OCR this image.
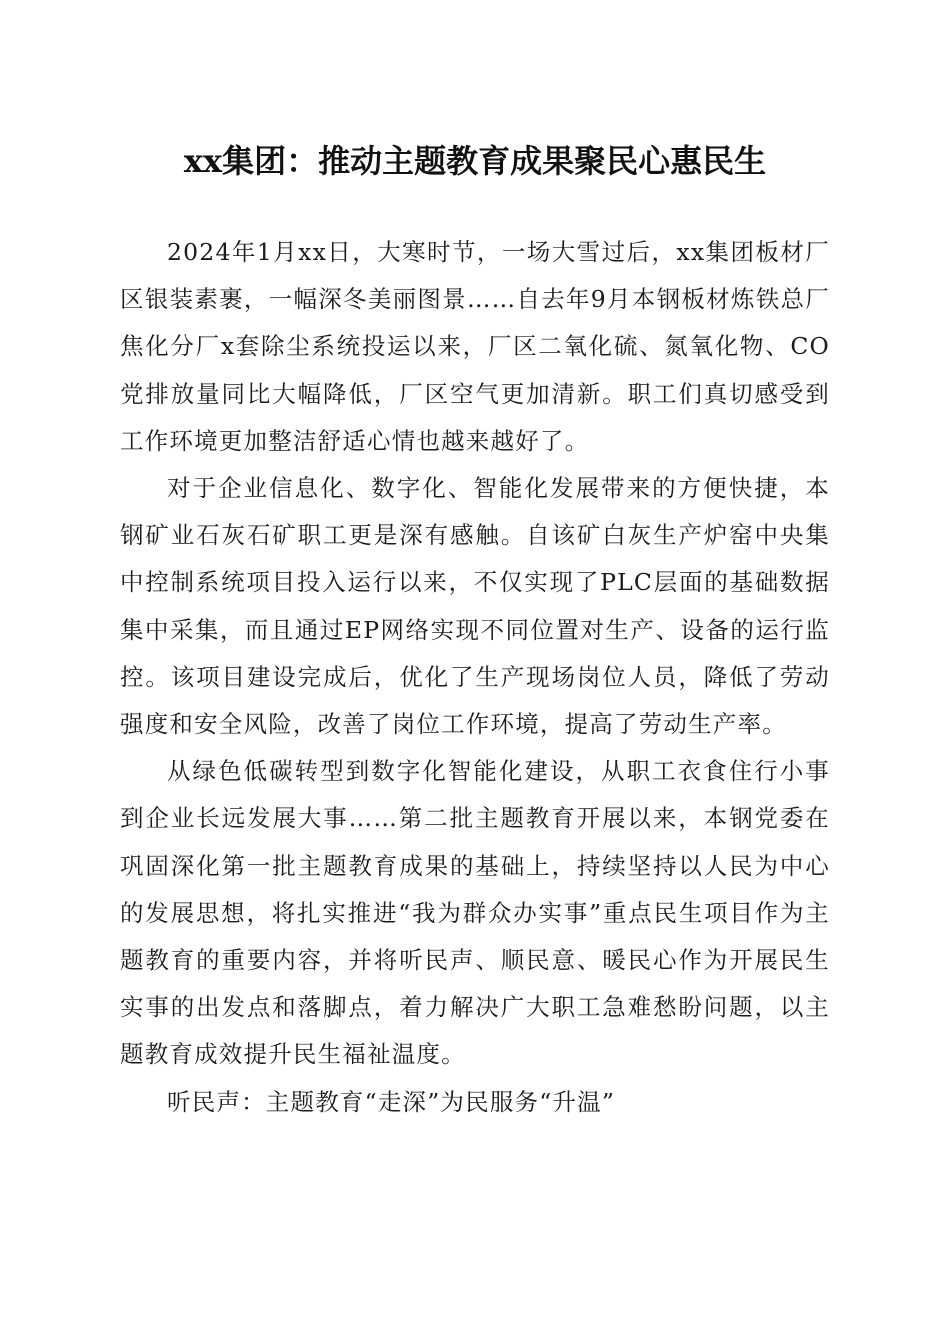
xx集团：推动主题教育成果聚民心惠民生

2024年1月xx日，大寒时节，一场大雪过后，xx集团板材厂区银装素裹，一幅深冬美丽图景……自去年9月本钢板材炼铁总厂焦化分厂x套除尘系统投运以来，厂区二氧化硫、氮氧化物、CO党排放量同比大幅降低，厂区空气更加清新。职工们真切感受到工作环境更加整洁舒适心情也越来越好了。

对于企业信息化、数字化、智能化发展带来的方便快捷，本钢矿业石灰石矿职工更是深有感触。自该矿白灰生产炉窑中央集中控制系统项目投入运行以来，不仅实现了PLC层面的基础数据集中采集，而且通过EP网络实现不同位置对生产、设备的运行监控。该项目建设完成后，优化了生产现场岗位人员，降低了劳动强度和安全风险，改善了岗位工作环境，提高了劳动生产率。

从绿色低碳转型到数字化智能化建设，从职工衣食住行小事到企业长远发展大事……第二批主题教育开展以来，本钢党委在巩固深化第一批主题教育成果的基础上，持续坚持以人民为中心的发展思想，将扎实推进“我为群众办实事”重点民生项目作为主题教育的重要内容，并将听民声、顺民意、暖民心作为开展民生实事的出发点和落脚点，着力解决广大职工急难愁盼问题，以主题教育成效提升民生福祉温度。

听民声：主题教育“走深”为民服务“升温”
